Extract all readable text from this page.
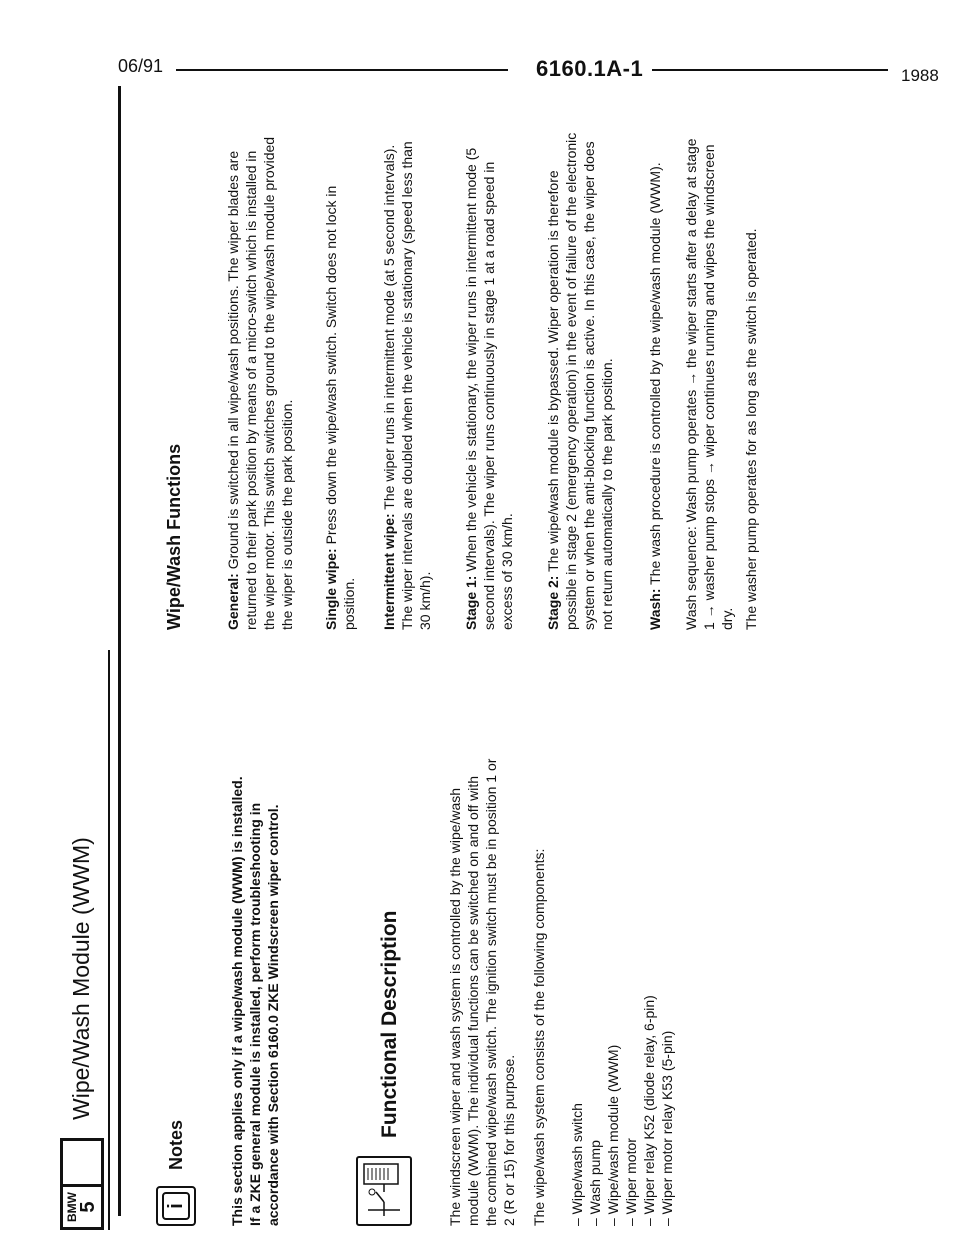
06/91	6160.1A-1	1988
BMW
5
Wipe/Wash Module (WWM)
i
Notes	This section applies only if a wipe/wash module (WWM) is installed. If a ZKE general module is installed, perform troubleshooting in accordance with Section 6160.0 ZKE Windscreen wiper control.	Functional Description	The windscreen wiper and wash system is controlled by the wipe/wash module (WWM). The individual functions can be switched on and off with the combined wipe/wash switch. The ignition switch must be in position 1 or 2 (R or 15) for this purpose. The wipe/wash system consists of the following components: – Wipe/wash switch – Wash pump – Wipe/wash module (WWM) – Wiper motor – Wiper relay K52 (diode relay, 6-pin) – Wiper motor relay K53 (5-pin)
Wipe/Wash Functions	General: Ground is switched in all wipe/wash positions. The wiper blades are returned to their park position by means of a micro-switch which is installed in the wiper motor. This switch switches ground to the wipe/wash module provided the wiper is outside the park position. Single wipe: Press down the wipe/wash switch. Switch does not lock in position. Intermittent wipe: The wiper runs in intermittent mode (at 5 second intervals). The wiper intervals are doubled when the vehicle is stationary (speed less than 30 km/h). Stage 1: When the vehicle is stationary, the wiper runs in intermittent mode (5 second intervals). The wiper runs continuously in stage 1 at a road speed in excess of 30 km/h. Stage 2: The wipe/wash module is bypassed. Wiper operation is therefore possible in stage 2 (emergency operation) in the event of failure of the electronic system or when the anti-blocking function is active. In this case, the wiper does not return automatically to the park position. Wash: The wash procedure is controlled by the wipe/wash module (WWM). Wash sequence: Wash pump operates → the wiper starts after a delay at stage 1 → washer pump stops → wiper continues running and wipes the windscreen dry. The washer pump operates for as long as the switch is operated.
